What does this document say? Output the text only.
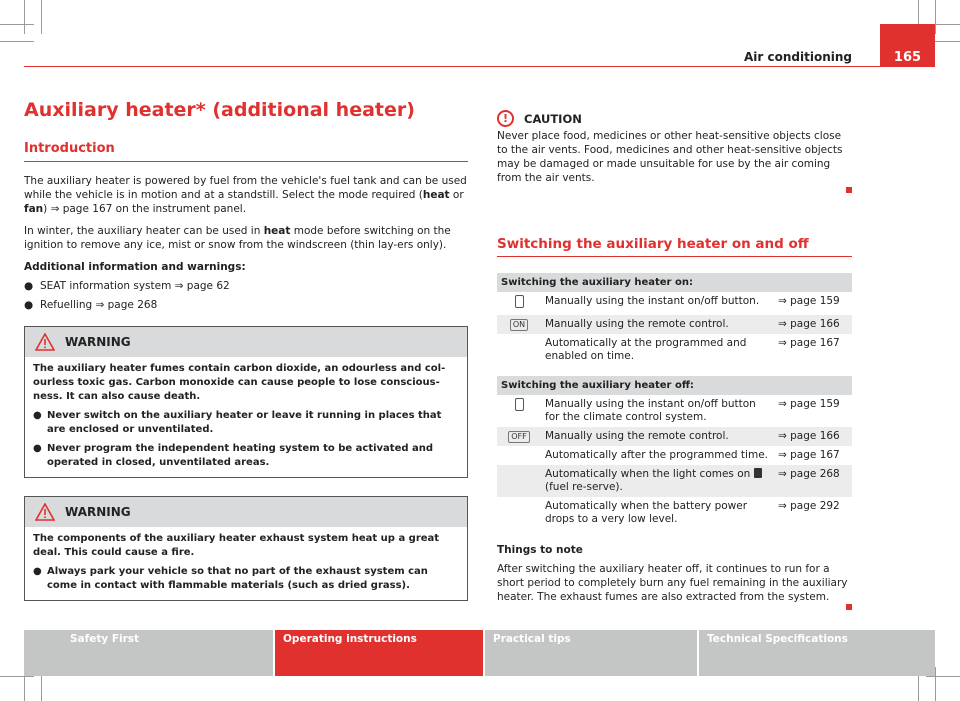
Air conditioning	165
Auxiliary heater* (additional heater)
Introduction

The auxiliary heater is powered by fuel from the vehicle's fuel tank and can be used while the vehicle is in motion and at a standstill. Select the mode required (heat or fan) ⇒ page 167 on the instrument panel.

In winter, the auxiliary heater can be used in heat mode before switching on the ignition to remove any ice, mist or snow from the windscreen (thin lay-ers only).

Additional information and warnings:

● SEAT information system ⇒ page 62
● Refuelling ⇒ page 268
WARNING

The auxiliary heater fumes contain carbon dioxide, an odourless and col-ourless toxic gas. Carbon monoxide can cause people to lose conscious-ness. It can also cause death.

● Never switch on the auxiliary heater or leave it running in places that are enclosed or unventilated.
● Never program the independent heating system to be activated and operated in closed, unventilated areas.
WARNING

The components of the auxiliary heater exhaust system heat up a great deal. This could cause a fire.

● Always park your vehicle so that no part of the exhaust system can come in contact with flammable materials (such as dried grass).
!	CAUTION

Never place food, medicines or other heat-sensitive objects close to the air vents. Food, medicines and other heat-sensitive objects may be damaged or made unsuitable for use by the air coming from the air vents.

Switching the auxiliary heater on and off
Switching the auxiliary heater on:		
	Manually using the instant on/off button.	⇒ page 159
ON	Manually using the remote control.	⇒ page 166
	Automatically at the programmed and enabled on time.	⇒ page 167
Switching the auxiliary heater off:		
	Manually using the instant on/off button for the climate control system.	⇒ page 159
OFF	Manually using the remote control.	⇒ page 166
	Automatically after the programmed time.	⇒ page 167
	Automatically when the light comes on  (fuel re-serve).	⇒ page 268
	Automatically when the battery power drops to a very low level.	⇒ page 292

Things to note

After switching the auxiliary heater off, it continues to run for a short period to completely burn any fuel remaining in the auxiliary heater. The exhaust fumes are also extracted from the system.

Safety First	Operating instructions	Practical tips	Technical Specifications
